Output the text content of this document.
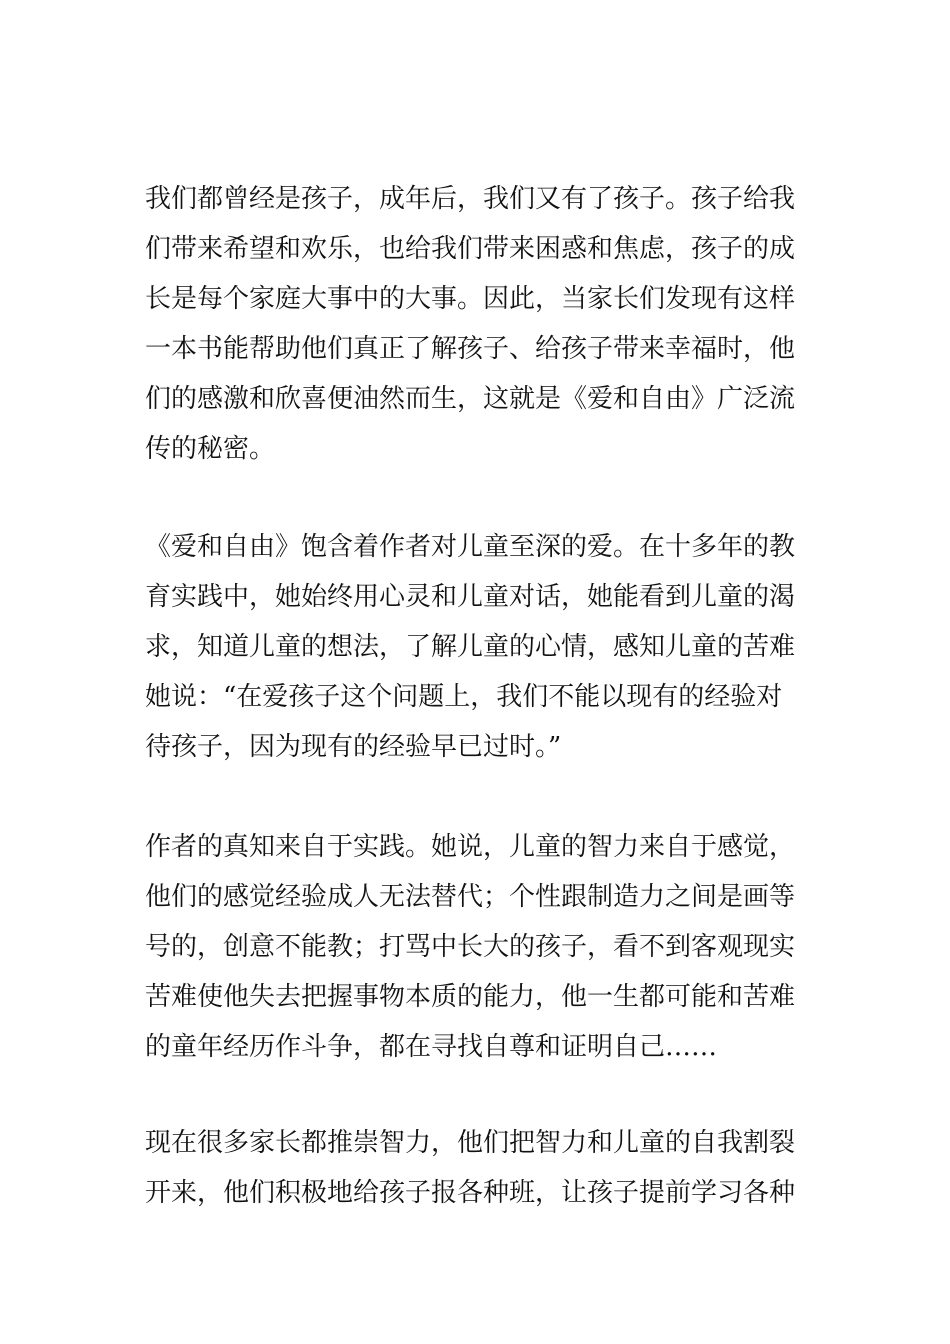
我们都曾经是孩子，成年后，我们又有了孩子。孩子给我
们带来希望和欢乐，也给我们带来困惑和焦虑，孩子的成
长是每个家庭大事中的大事。因此，当家长们发现有这样
一本书能帮助他们真正了解孩子、给孩子带来幸福时，他
们的感激和欣喜便油然而生，这就是《爱和自由》广泛流
传的秘密。
《爱和自由》饱含着作者对儿童至深的爱。在十多年的教
育实践中，她始终用心灵和儿童对话，她能看到儿童的渴
求，知道儿童的想法，了解儿童的心情，感知儿童的苦难
她说：“在爱孩子这个问题上，我们不能以现有的经验对
待孩子，因为现有的经验早已过时。”
作者的真知来自于实践。她说，儿童的智力来自于感觉，
他们的感觉经验成人无法替代；个性跟制造力之间是画等
号的，创意不能教；打骂中长大的孩子，看不到客观现实
苦难使他失去把握事物本质的能力，他一生都可能和苦难
的童年经历作斗争，都在寻找自尊和证明自己……
现在很多家长都推崇智力，他们把智力和儿童的自我割裂
开来，他们积极地给孩子报各种班，让孩子提前学习各种
